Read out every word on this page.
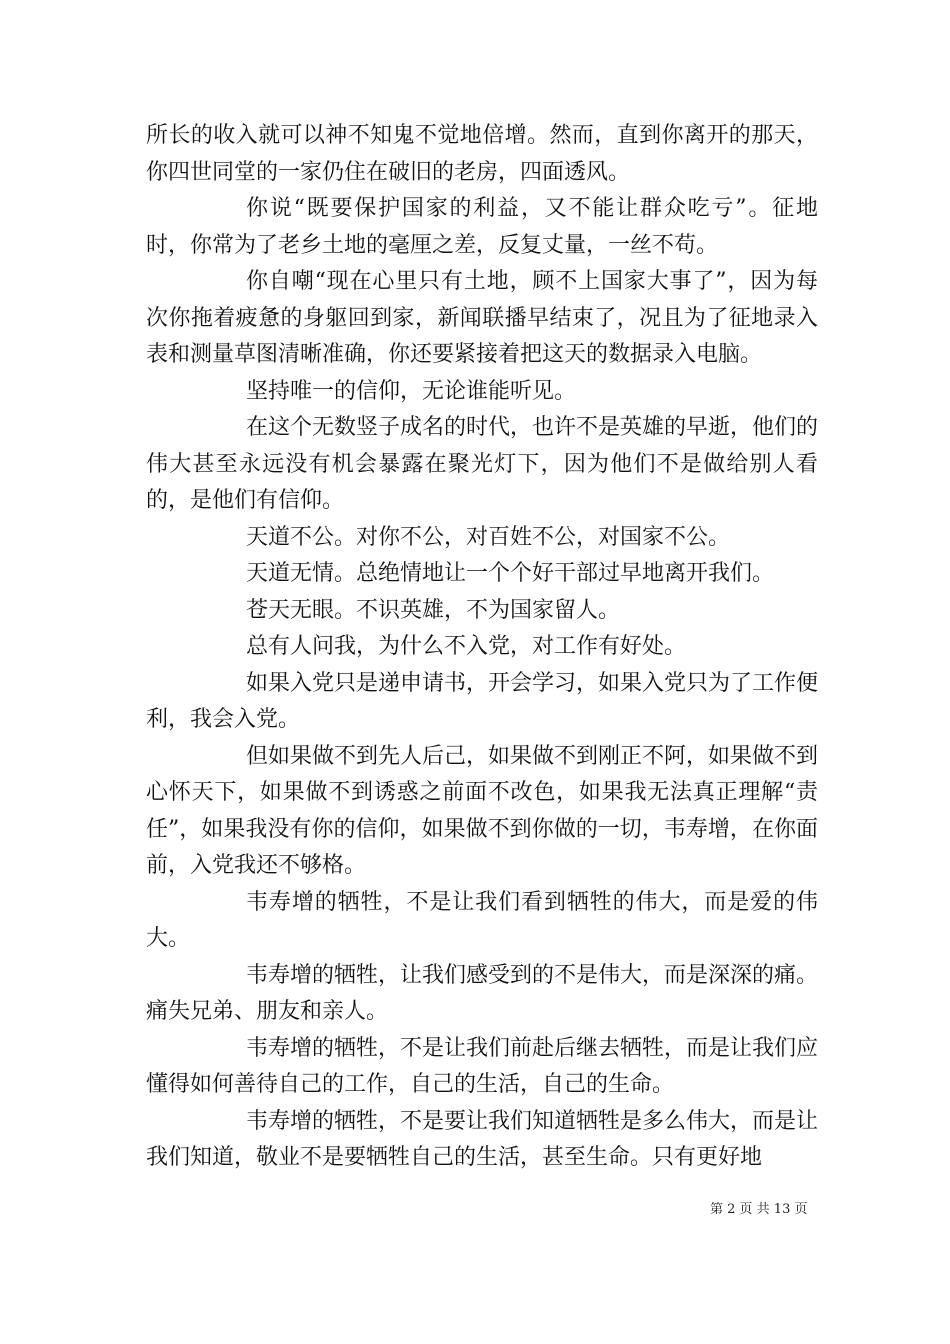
所长的收入就可以神不知鬼不觉地倍增。然而，直到你离开的那天，你四世同堂的一家仍住在破旧的老房，四面透风。

你说“既要保护国家的利益，又不能让群众吃亏”。征地时，你常为了老乡土地的毫厘之差，反复丈量，一丝不苟。

你自嘲“现在心里只有土地，顾不上国家大事了”，因为每次你拖着疲惫的身躯回到家，新闻联播早结束了，况且为了征地录入表和测量草图清晰准确，你还要紧接着把这天的数据录入电脑。

坚持唯一的信仰，无论谁能听见。

在这个无数竖子成名的时代，也许不是英雄的早逝，他们的伟大甚至永远没有机会暴露在聚光灯下，因为他们不是做给别人看的，是他们有信仰。

天道不公。对你不公，对百姓不公，对国家不公。

天道无情。总绝情地让一个个好干部过早地离开我们。

苍天无眼。不识英雄，不为国家留人。

总有人问我，为什么不入党，对工作有好处。

如果入党只是递申请书，开会学习，如果入党只为了工作便利，我会入党。

但如果做不到先人后己，如果做不到刚正不阿，如果做不到心怀天下，如果做不到诱惑之前面不改色，如果我无法真正理解“责任”，如果我没有你的信仰，如果做不到你做的一切，韦寿增，在你面前，入党我还不够格。

韦寿增的牺牲，不是让我们看到牺牲的伟大，而是爱的伟大。

韦寿增的牺牲，让我们感受到的不是伟大，而是深深的痛。痛失兄弟、朋友和亲人。

韦寿增的牺牲，不是让我们前赴后继去牺牲，而是让我们应懂得如何善待自己的工作，自己的生活，自己的生命。

韦寿增的牺牲，不是要让我们知道牺牲是多么伟大，而是让我们知道，敬业不是要牺牲自己的生活，甚至生命。只有更好地

第 2 页 共 13 页
